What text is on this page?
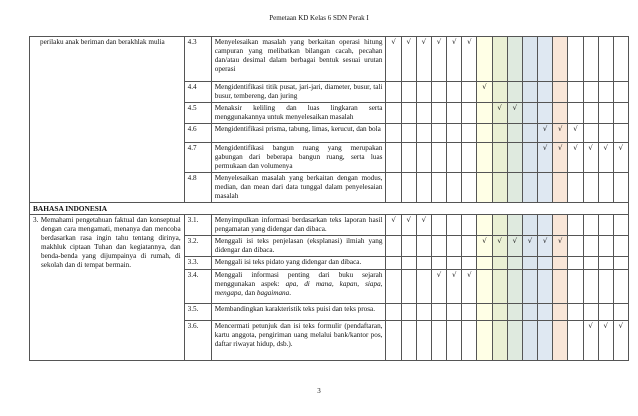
Pemetaan KD Kelas 6 SDN Perak I
perilaku anak beriman dan berakhlak mulia	4.3	Menyelesaikan masalah yang berkaitan operasi hitung campuran yang melibatkan bilangan cacah, pecahan dan/atau desimal dalam berbagai bentuk sesuai urutan operasi	√	√	√	√	√	√										
	4.4	Mengidentifikasi titik pusat, jari-jari, diameter, busur, tali busur, tembereng, dan juring							√									
	4.5	Menaksir keliling dan luas lingkaran serta menggunakannya untuk menyelesaikan masalah								√	√							
	4.6	Mengidentifikasi prisma, tabung, limas, kerucut, dan bola											√	√	√			
	4.7	Mengidentifikasi bangun ruang yang merupakan gabungan dari beberapa bangun ruang, serta luas permukaan dan volumenya											√	√	√	√	√	√
	4.8	Menyelesaikan masalah yang berkaitan dengan modus, median, dan mean dari data tunggal dalam penyelesaian masalah																
BAHASA INDONESIA																		

3. Memahami pengetahuan faktual dan konseptual dengan cara mengamati, menanya dan mencoba berdasarkan rasa ingin tahu tentang dirinya, makhluk ciptaan Tuhan dan kegiatannya, dan benda-benda yang dijumpainya di rumah, di sekolah dan di tempat bermain.	3.1.	Menyimpulkan informasi berdasarkan teks laporan hasil pengamatan yang didengar dan dibaca.	√	√	√													
	3.2.	Menggali isi teks penjelasan (eksplanasi) ilmiah yang didengar dan dibaca.							√	√	√	√	√	√				
	3.3.	Menggali isi teks pidato yang didengar dan dibaca.																
	3.4.	Menggali informasi penting dari buku sejarah menggunakan aspek: apa, di mana, kapan, siapa, mengapa, dan bagaimana.				√	√	√										
	3.5.	Membandingkan karakteristik teks puisi dan teks prosa.																
	3.6.	Mencermati petunjuk dan isi teks formulir (pendaftaran, kartu anggota, pengiriman uang melalui bank/kantor pos, daftar riwayat hidup, dsb.).														√	√	√
3
